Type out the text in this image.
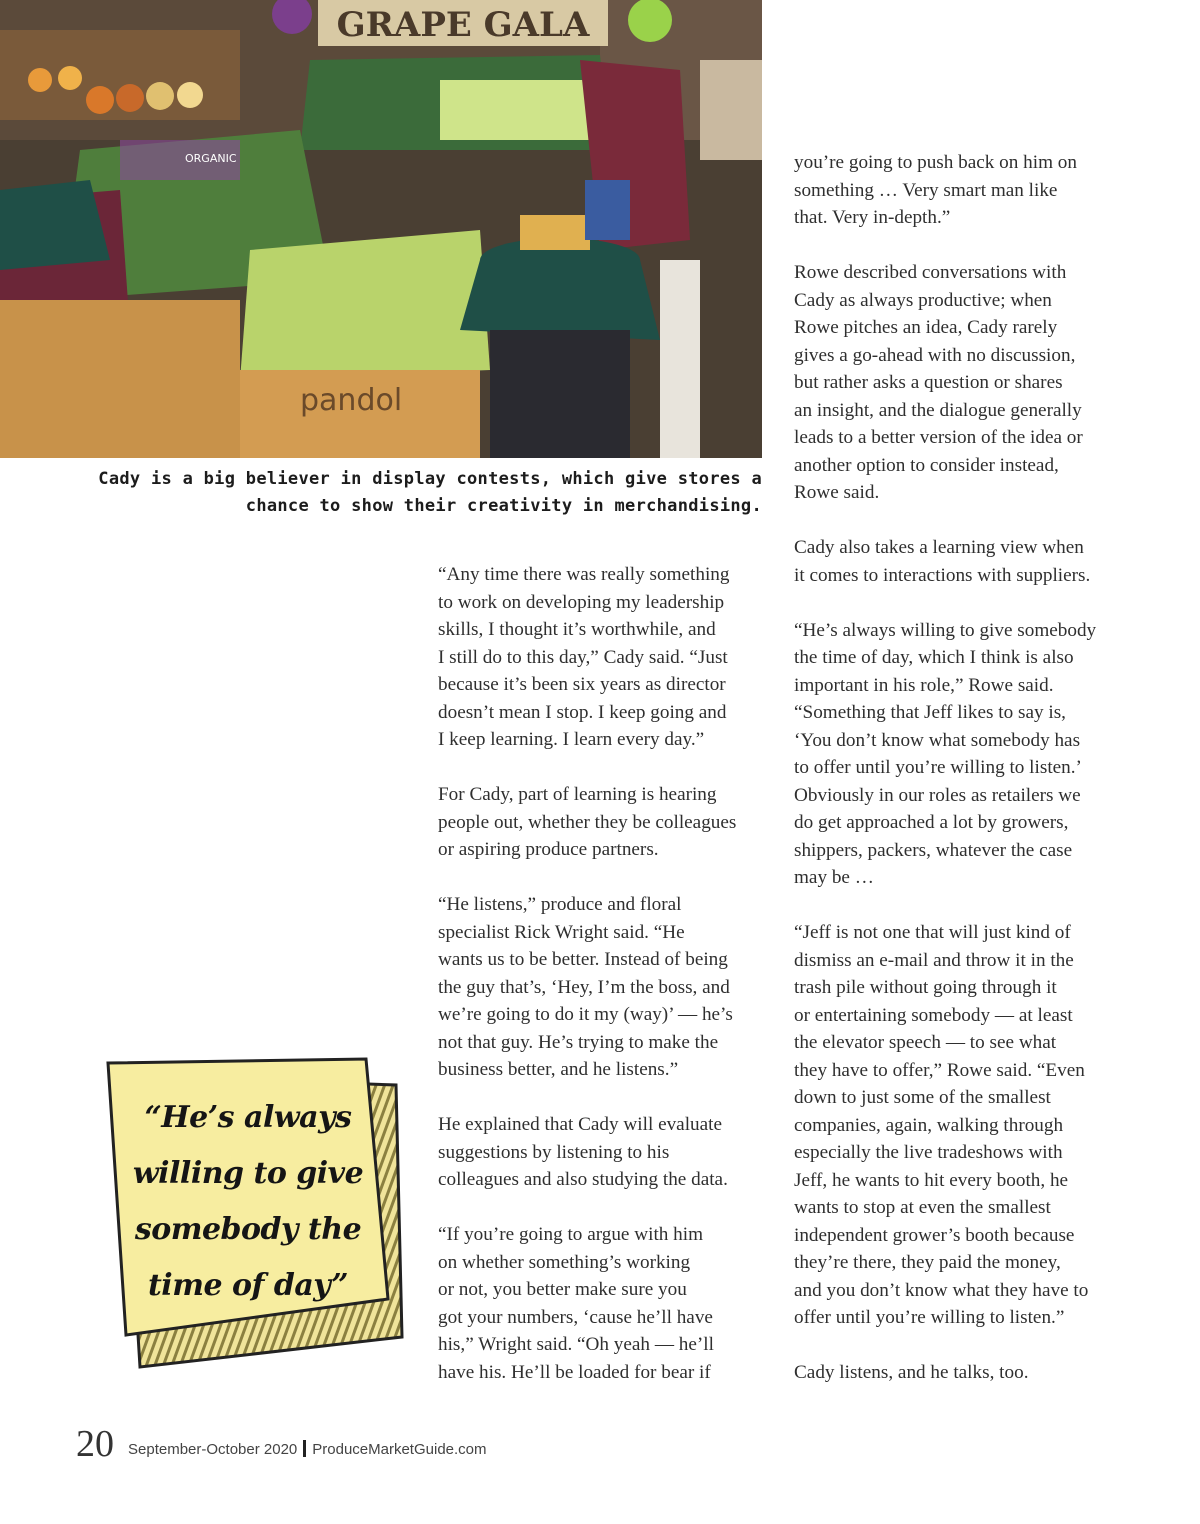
GRAPE GALA
pandol
ORGANIC
Cady is a big believer in display contests, which give stores a
chance to show their creativity in merchandising.

“Any time there was really something
to work on developing my leadership
skills, I thought it’s worthwhile, and
I still do to this day,” Cady said. “Just
because it’s been six years as director
doesn’t mean I stop. I keep going and
I keep learning. I learn every day.”

For Cady, part of learning is hearing
people out, whether they be colleagues
or aspiring produce partners.

“He listens,” produce and floral
specialist Rick Wright said. “He
wants us to be better. Instead of being
the guy that’s, ‘Hey, I’m the boss, and
we’re going to do it my (way)’ — he’s
not that guy. He’s trying to make the
business better, and he listens.”

He explained that Cady will evaluate
suggestions by listening to his
colleagues and also studying the data.

“If you’re going to argue with him
on whether something’s working
or not, you better make sure you
got your numbers, ‘cause he’ll have
his,” Wright said. “Oh yeah — he’ll
have his. He’ll be loaded for bear if

you’re going to push back on him on
something … Very smart man like
that. Very in-depth.”

Rowe described conversations with
Cady as always productive; when
Rowe pitches an idea, Cady rarely
gives a go-ahead with no discussion,
but rather asks a question or shares
an insight, and the dialogue generally
leads to a better version of the idea or
another option to consider instead,
Rowe said.

Cady also takes a learning view when
it comes to interactions with suppliers.

“He’s always willing to give somebody
the time of day, which I think is also
important in his role,” Rowe said.
“Something that Jeff likes to say is,
‘You don’t know what somebody has
to offer until you’re willing to listen.’
Obviously in our roles as retailers we
do get approached a lot by growers,
shippers, packers, whatever the case
may be …

“Jeff is not one that will just kind of
dismiss an e-mail and throw it in the
trash pile without going through it
or entertaining somebody — at least
the elevator speech — to see what
they have to offer,” Rowe said. “Even
down to just some of the smallest
companies, again, walking through
especially the live tradeshows with
Jeff, he wants to hit every booth, he
wants to stop at even the smallest
independent grower’s booth because
they’re there, they paid the money,
and you don’t know what they have to
offer until you’re willing to listen.”

Cady listens, and he talks, too.

“He’s always
willing to give
somebody the
time of day”
20 September-October 2020 ProduceMarketGuide.com
